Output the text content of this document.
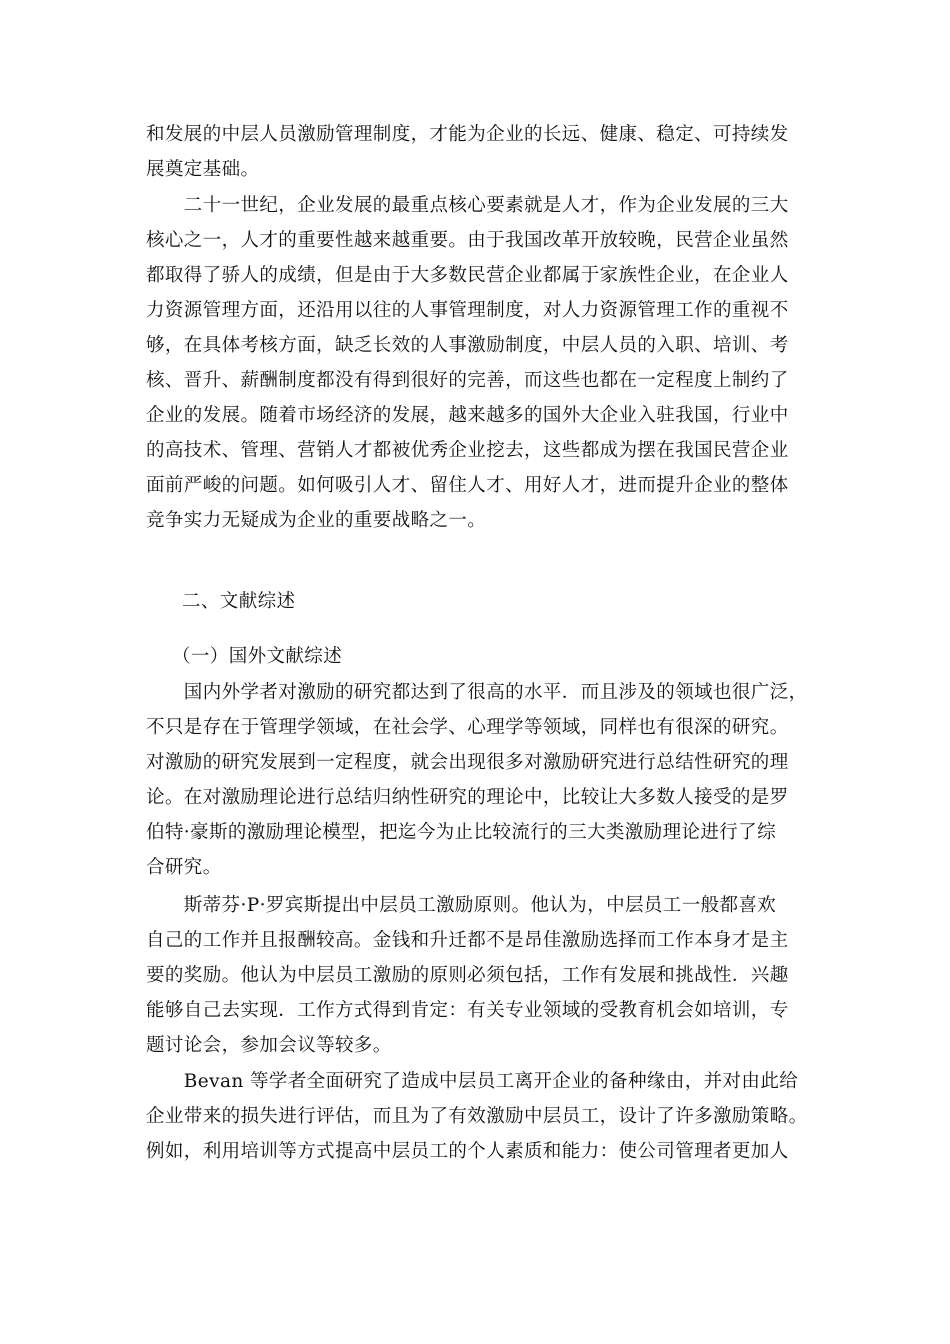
和发展的中层人员激励管理制度，才能为企业的长远、健康、稳定、可持续发

展奠定基础。

　　二十一世纪，企业发展的最重点核心要素就是人才，作为企业发展的三大

核心之一，人才的重要性越来越重要。由于我国改革开放较晚，民营企业虽然

都取得了骄人的成绩，但是由于大多数民营企业都属于家族性企业，在企业人

力资源管理方面，还沿用以往的人事管理制度，对人力资源管理工作的重视不

够，在具体考核方面，缺乏长效的人事激励制度，中层人员的入职、培训、考

核、晋升、薪酬制度都没有得到很好的完善，而这些也都在一定程度上制约了

企业的发展。随着市场经济的发展，越来越多的国外大企业入驻我国，行业中

的高技术、管理、营销人才都被优秀企业挖去，这些都成为摆在我国民营企业

面前严峻的问题。如何吸引人才、留住人才、用好人才，进而提升企业的整体

竞争实力无疑成为企业的重要战略之一。

二、文献综述
（一）国外文献综述

　　国内外学者对激励的研究都达到了很高的水平．而且涉及的领域也很广泛，

不只是存在于管理学领域，在社会学、心理学等领域，同样也有很深的研究。

对激励的研究发展到一定程度，就会出现很多对激励研究进行总结性研究的理

论。在对激励理论进行总结归纳性研究的理论中，比较让大多数人接受的是罗

伯特·豪斯的激励理论模型，把迄今为止比较流行的三大类激励理论进行了综

合研究。

　　斯蒂芬·P·罗宾斯提出中层员工激励原则。他认为，中层员工一般都喜欢

自己的工作并且报酬较高。金钱和升迁都不是昂佳激励选择而工作本身才是主

要的奖励。他认为中层员工激励的原则必须包括，工作有发展和挑战性．兴趣

能够自己去实现．工作方式得到肯定：有关专业领域的受教育机会如培训，专

题讨论会，参加会议等较多。

　　Bevan 等学者全面研究了造成中层员工离开企业的备种缘由，并对由此给

企业带来的损失进行评估，而且为了有效激励中层员工，设计了许多激励策略。

例如，利用培训等方式提高中层员工的个人素质和能力：使公司管理者更加人
